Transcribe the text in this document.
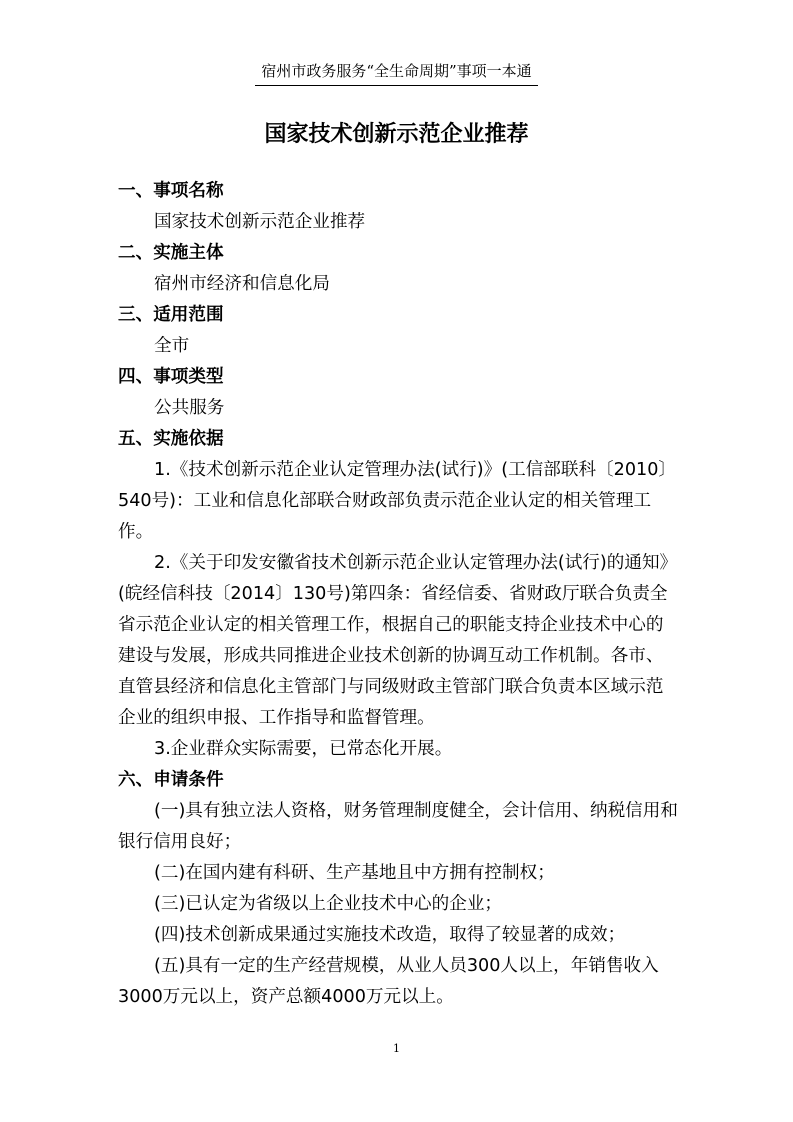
宿州市政务服务“全生命周期”事项一本通
国家技术创新示范企业推荐

一、事项名称

国家技术创新示范企业推荐

二、实施主体

宿州市经济和信息化局

三、适用范围

全市

四、事项类型

公共服务

五、实施依据

1.《技术创新示范企业认定管理办法(试行)》(工信部联科〔2010〕540号)：工业和信息化部联合财政部负责示范企业认定的相关管理工作。

2.《关于印发安徽省技术创新示范企业认定管理办法(试行)的通知》(皖经信科技〔2014〕130号)第四条：省经信委、省财政厅联合负责全省示范企业认定的相关管理工作，根据自己的职能支持企业技术中心的建设与发展，形成共同推进企业技术创新的协调互动工作机制。各市、直管县经济和信息化主管部门与同级财政主管部门联合负责本区域示范企业的组织申报、工作指导和监督管理。

3.企业群众实际需要，已常态化开展。

六、申请条件

(一)具有独立法人资格，财务管理制度健全，会计信用、纳税信用和银行信用良好；

(二)在国内建有科研、生产基地且中方拥有控制权；

(三)已认定为省级以上企业技术中心的企业；

(四)技术创新成果通过实施技术改造，取得了较显著的成效；

(五)具有一定的生产经营规模，从业人员300人以上，年销售收入3000万元以上，资产总额4000万元以上。

1
